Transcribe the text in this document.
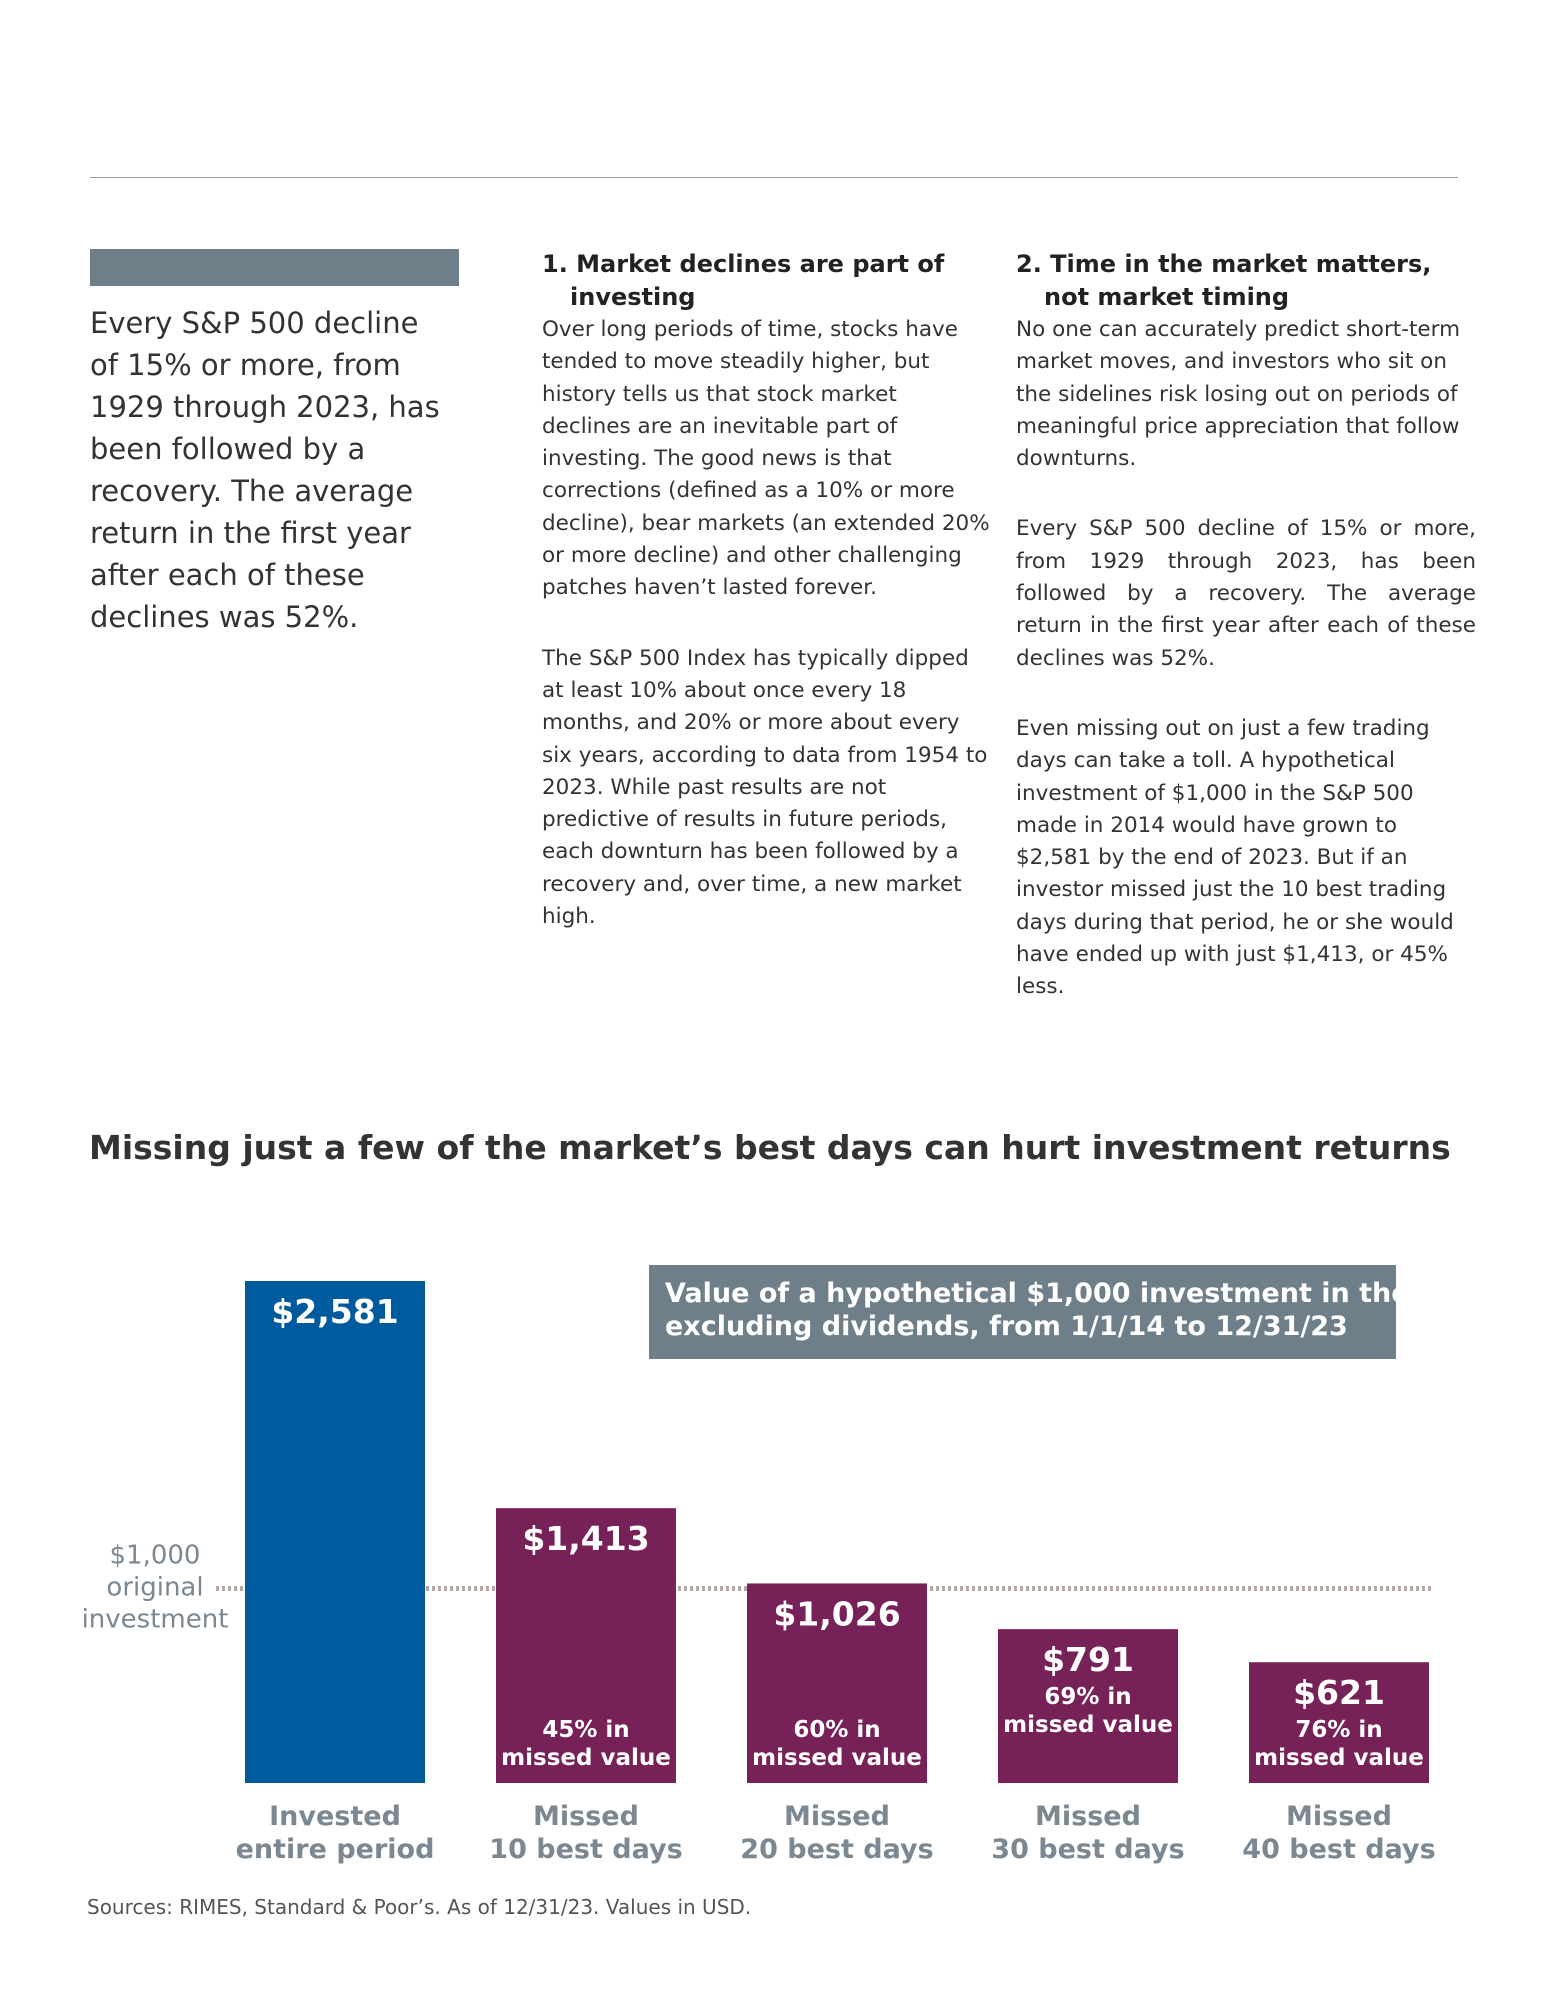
Every S&P 500 decline of 15% or more, from 1929 through 2023, has been followed by a recovery. The average return in the first year after each of these declines was 52%.

1. Market declines are part of investing

Over long periods of time, stocks have tended to move steadily higher, but history tells us that stock market declines are an inevitable part of investing. The good news is that corrections (defined as a 10% or more decline), bear markets (an extended 20% or more decline) and other challenging patches haven’t lasted forever.

The S&P 500 Index has typically dipped at least 10% about once every 18 months, and 20% or more about every six years, according to data from 1954 to 2023. While past results are not predictive of results in future periods, each downturn has been followed by a recovery and, over time, a new market high.

2. Time in the market matters, not market timing

No one can accurately predict short-term market moves, and investors who sit on the sidelines risk losing out on periods of meaningful price appreciation that follow downturns.

Every S&P 500 decline of 15% or more, from 1929 through 2023, has been followed by a recovery. The average return in the first year after each of these declines was 52%.

Even missing out on just a few trading days can take a toll. A hypothetical investment of $1,000 in the S&P 500 made in 2014 would have grown to $2,581 by the end of 2023. But if an investor missed just the 10 best trading days during that period, he or she would have ended up with just $1,413, or 45% less.

Missing just a few of the market’s best days can hurt investment returns
Value of a hypothetical $1,000 investment in the S&P 5
excluding dividends, from 1/1/14 to 12/31/23
$1,000
original
investment
$2,581
Invested
entire period
$1,413
45% in
missed value
Missed
10 best days
$1,026
60% in
missed value
Missed
20 best days
$791
69% in
missed value
Missed
30 best days
$621
76% in
missed value
Missed
40 best days

Sources: RIMES, Standard & Poor’s. As of 12/31/23. Values in USD.
